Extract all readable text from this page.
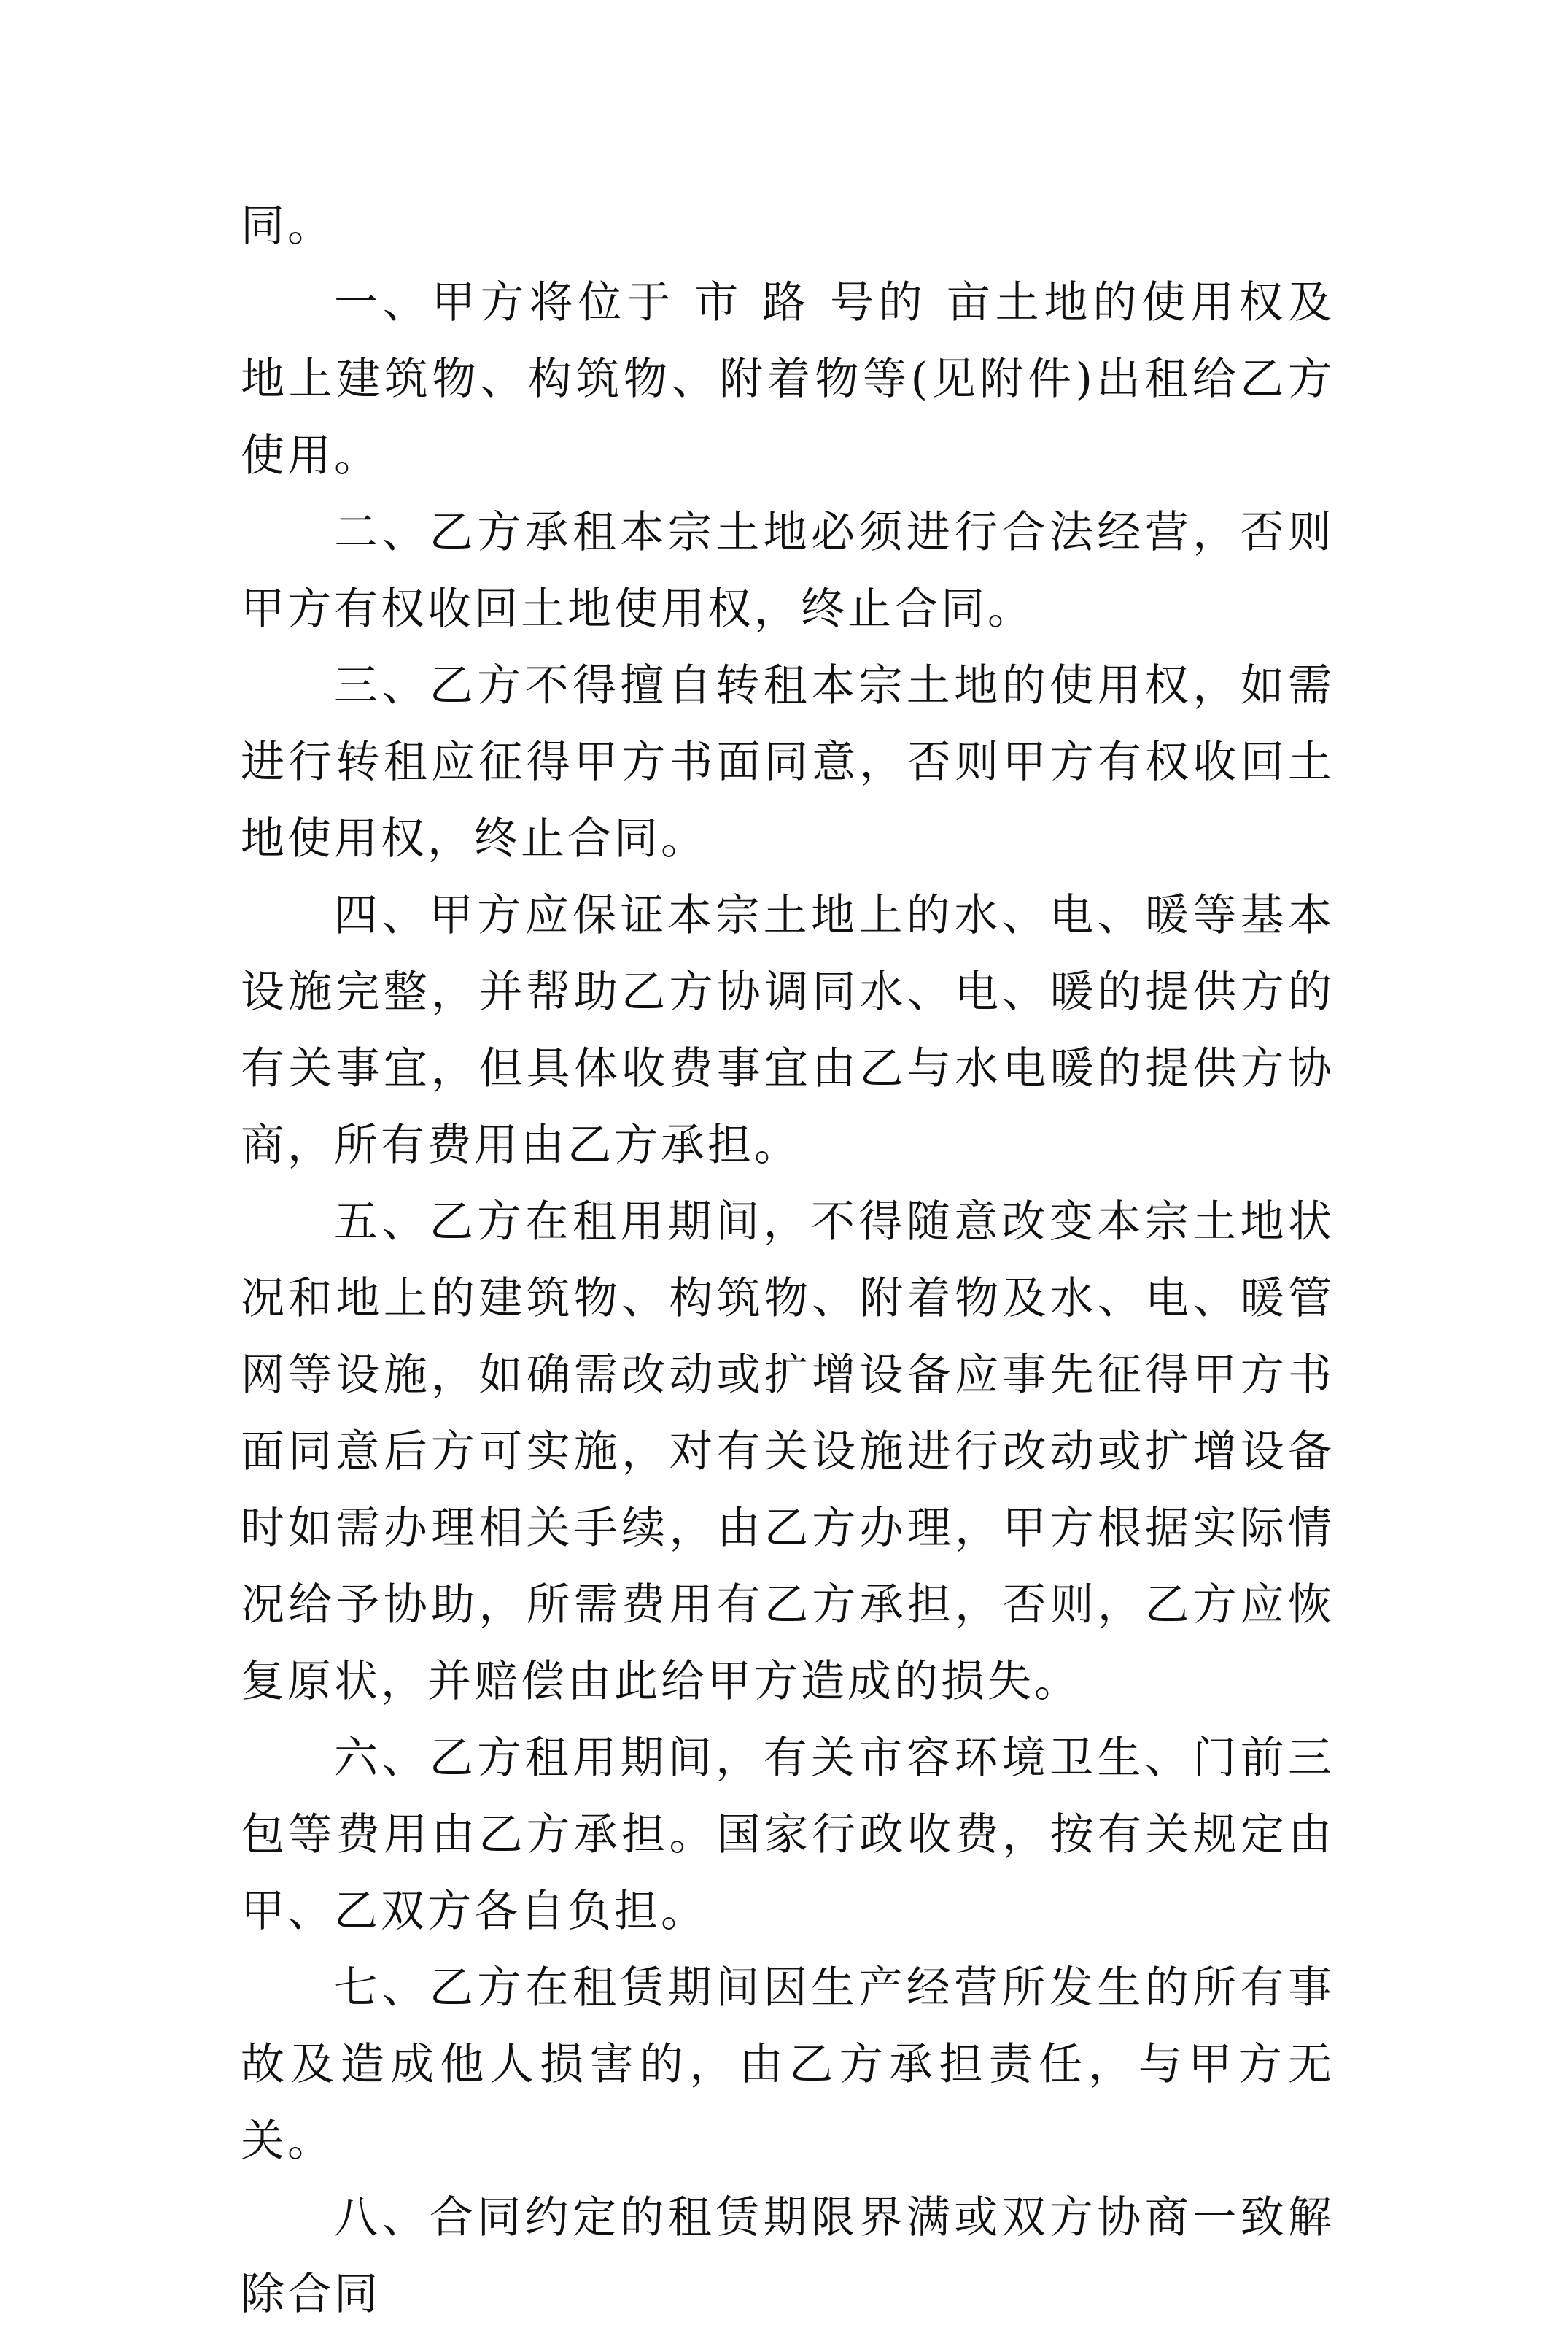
同。

一、甲方将位于 市 路 号的 亩土地的使用权及地上建筑物、构筑物、附着物等(见附件)出租给乙方使用。

二、乙方承租本宗土地必须进行合法经营，否则甲方有权收回土地使用权，终止合同。

三、乙方不得擅自转租本宗土地的使用权，如需进行转租应征得甲方书面同意，否则甲方有权收回土地使用权，终止合同。

四、甲方应保证本宗土地上的水、电、暖等基本设施完整，并帮助乙方协调同水、电、暖的提供方的有关事宜，但具体收费事宜由乙与水电暖的提供方协商，所有费用由乙方承担。

五、乙方在租用期间，不得随意改变本宗土地状况和地上的建筑物、构筑物、附着物及水、电、暖管网等设施，如确需改动或扩增设备应事先征得甲方书面同意后方可实施，对有关设施进行改动或扩增设备时如需办理相关手续，由乙方办理，甲方根据实际情况给予协助，所需费用有乙方承担，否则，乙方应恢复原状，并赔偿由此给甲方造成的损失。

六、乙方租用期间，有关市容环境卫生、门前三包等费用由乙方承担。国家行政收费，按有关规定由甲、乙双方各自负担。

七、乙方在租赁期间因生产经营所发生的所有事故及造成他人损害的，由乙方承担责任，与甲方无关。

八、合同约定的租赁期限界满或双方协商一致解除合同
